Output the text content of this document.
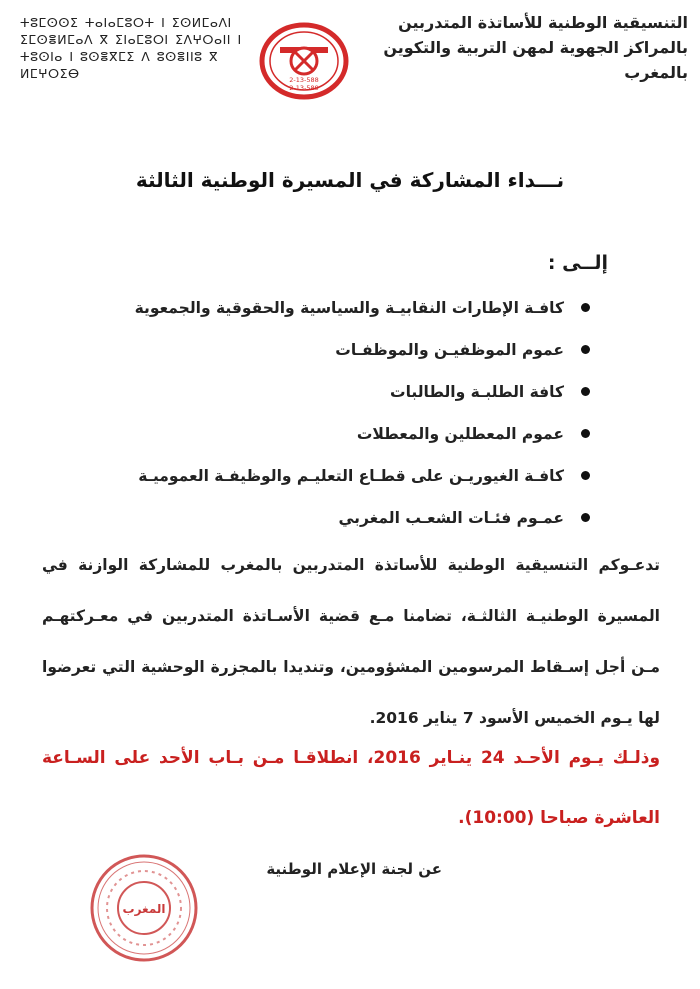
التنسيقية الوطنية للأساتذة المتدربين
بالمراكز الجهوية لمهن التربية والتكوين
بالمغرب
ⵜⵓⵎⵙⵙⵉ ⵜⴰⵏⴰⵎⵓⵔⵜ ⵏ ⵉⵙⵍⵎⴰⴷⵏ
ⵉⵎⵙⴻⵍⵎⴰⴷ ⴳ ⵉⵏⴰⵎⵓⵔⵏ ⵉⴷⵖⵔⴰⵏⵏ ⵏ
ⵜⵓⵙⵏⴰ ⵏ ⵓⵙⴻⴳⵎⵉ ⴷ ⵓⵙⴻⵏⵏⵓ ⴳ
ⵍⵎⵖⵔⵉⴱ	2-13-588
2-13-589
نـــداء المشاركة في المسيرة الوطنية الثالثة
إلــى :
كافـة الإطارات النقابيـة والسياسية والحقوقية والجمعوية
عموم الموظفيـن والموظفـات
كافة الطلبـة والطالبات
عموم المعطلين والمعطلات
كافـة الغيوريـن على قطـاع التعليـم والوظيفـة العموميـة
عمـوم فئـات الشعـب المغربي
تدعـوكم التنسيقية الوطنية للأساتذة المتدربين بالمغرب للمشاركة الوازنة في المسيرة الوطنيـة الثالثـة، تضامنا مـع قضية الأسـاتذة المتدربين في معـركتهـم مـن أجل إسـقاط المرسومين المشؤومين، وتنديدا بالمجزرة الوحشية التي تعرضوا لها يـوم الخميس الأسود 7 يناير 2016.
وذلـك يـوم الأحـد 24 ينـاير 2016، انطلاقـا مـن بـاب الأحد على السـاعة العاشرة صباحا (10:00).
عن لجنة الإعلام الوطنية
المغرب
